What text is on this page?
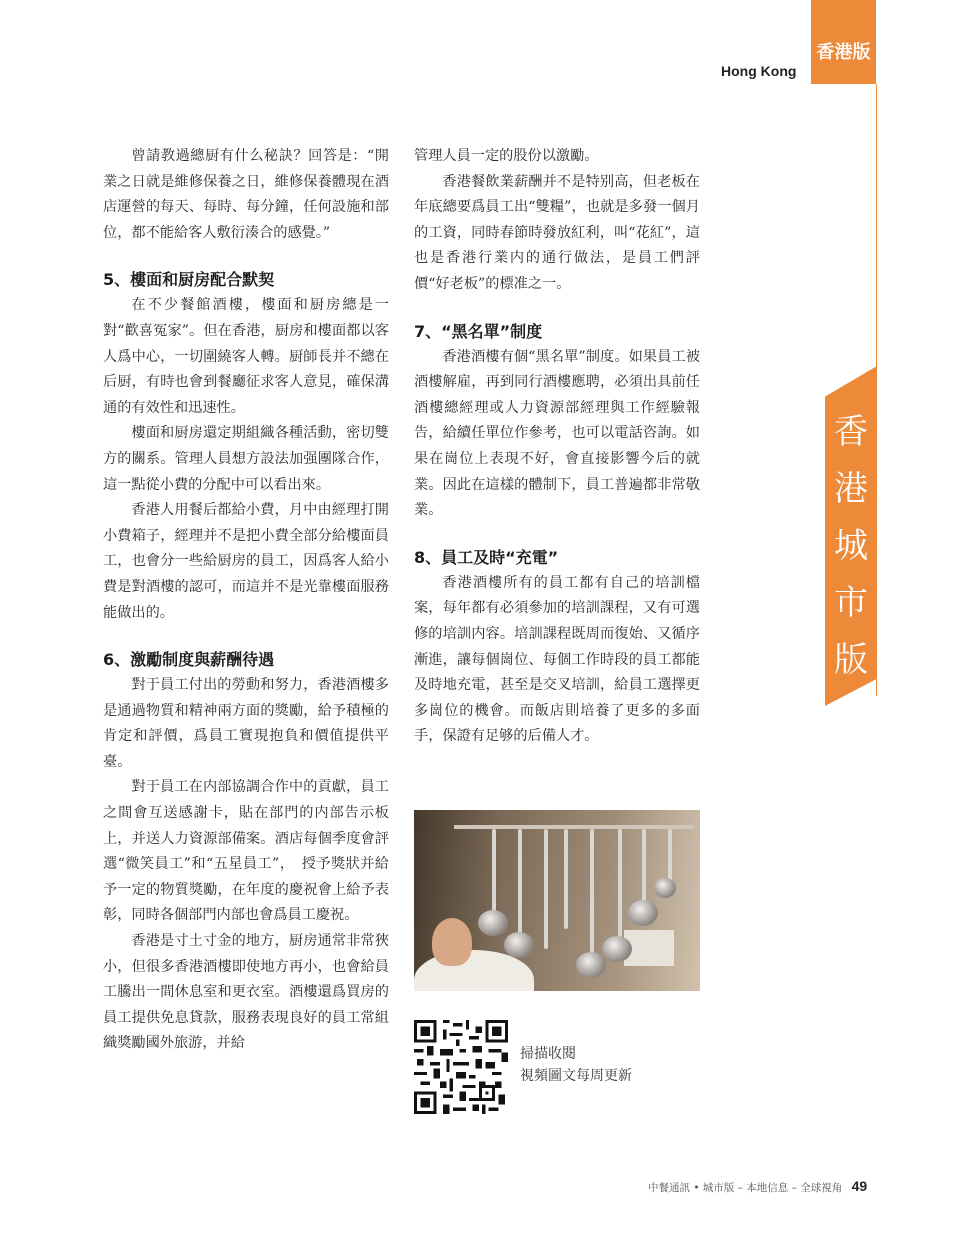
香港版
Hong Kong
香
港
城
市
版

曾請教過總厨有什么秘訣？回答是：“開業之日就是維修保養之日，維修保養體現在酒店運營的每天、每時、每分鐘，任何設施和部位，都不能給客人敷衍湊合的感覺。”

5、樓面和厨房配合默契

在不少餐館酒樓，樓面和厨房總是一對“歡喜冤家”。但在香港，厨房和樓面都以客人爲中心，一切圍繞客人轉。厨師長并不總在后厨，有時也會到餐廳征求客人意見，確保溝通的有效性和迅速性。

樓面和厨房還定期組織各種活動，密切雙方的關系。管理人員想方設法加强團隊合作，這一點從小費的分配中可以看出來。

香港人用餐后都給小費，月中由經理打開小費箱子，經理并不是把小費全部分給樓面員工，也會分一些給厨房的員工，因爲客人給小費是對酒樓的認可，而這并不是光靠樓面服務能做出的。

6、激勵制度與薪酬待遇

對于員工付出的勞動和努力，香港酒樓多是通過物質和精神兩方面的獎勵，給予積極的肯定和評價，爲員工實現抱負和價值提供平臺。

對于員工在内部協調合作中的貢獻，員工之間會互送感謝卡，貼在部門的内部告示板上，并送人力資源部備案。酒店每個季度會評選“微笑員工”和“五星員工”，　授予獎狀并給予一定的物質獎勵，在年度的慶祝會上給予表彰，同時各個部門内部也會爲員工慶祝。

香港是寸土寸金的地方，厨房通常非常狹小，但很多香港酒樓即使地方再小，也會給員工騰出一間休息室和更衣室。酒樓還爲買房的員工提供免息貸款，服務表現良好的員工常組織獎勵國外旅游，并給

管理人員一定的股份以激勵。

香港餐飲業薪酬并不是特别高，但老板在年底總要爲員工出“雙糧”，也就是多發一個月的工資，同時春節時發放紅利，叫“花紅”，這也是香港行業内的通行做法，是員工們評價“好老板”的標准之一。

7、“黑名單”制度

香港酒樓有個“黑名單”制度。如果員工被酒樓解雇，再到同行酒樓應聘，必須出具前任酒樓總經理或人力資源部經理與工作經驗報告，給續任單位作參考，也可以電話咨詢。如果在崗位上表現不好，會直接影響今后的就業。因此在這樣的體制下，員工普遍都非常敬業。

8、員工及時“充電”

香港酒樓所有的員工都有自己的培訓檔案，每年都有必須參加的培訓課程，又有可選修的培訓内容。培訓課程既周而復始、又循序漸進，讓每個崗位、每個工作時段的員工都能及時地充電，甚至是交叉培訓，給員工選擇更多崗位的機會。而飯店則培養了更多的多面手，保證有足够的后備人才。

掃描收閱
視頻圖文每周更新
中餐通訊 • 城市版 – 本地信息 – 全球視角 49
